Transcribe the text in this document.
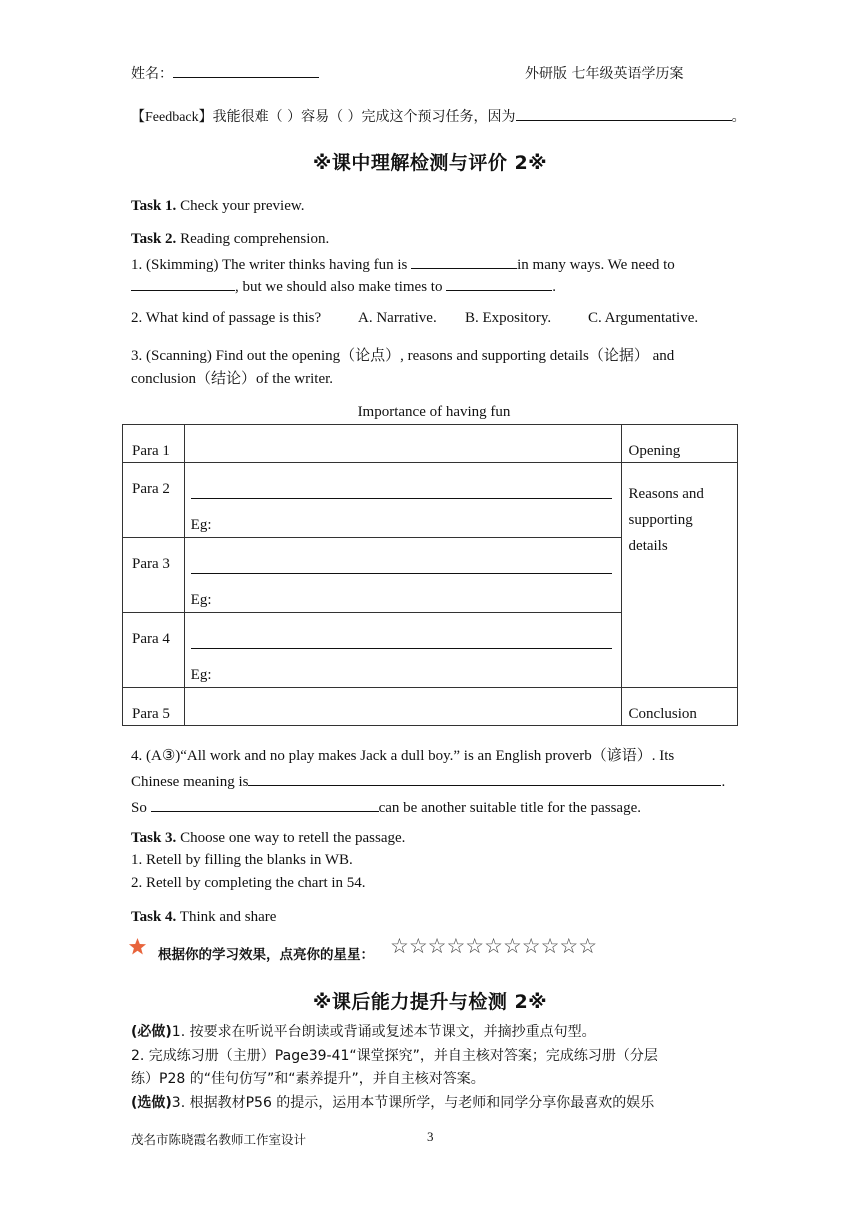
姓名：	外研版 七年级英语学历案
【Feedback】我能很难（ ）容易（ ）完成这个预习任务，因为	。
※课中理解检测与评价 2※
Task 1. Check your preview.
Task 2. Reading comprehension.
1. (Skimming) The writer thinks having fun is	in many ways. We need to
, but we should also make times to	.
2. What kind of passage is this? A. Narrative. B. Expository. C. Argumentative.
3. (Scanning) Find out the opening（论点）, reasons and supporting details（论据） and
conclusion（结论）of the writer.
Importance of having fun
Para 1		Opening

Para 2	Eg:	Reasons and
supporting
details

Para 3	Eg:	

Para 4	Eg:	

Para 5		Conclusion
4. (A③)“All work and no play makes Jack a dull boy.” is an English proverb（谚语）. Its
Chinese meaning is	.
So	can be another suitable title for the passage.
Task 3. Choose one way to retell the passage.
1. Retell by filling the blanks in WB.
2. Retell by completing the chart in 54.
Task 4. Think and share
根据你的学习效果，点亮你的星星： ☆☆☆☆☆☆☆☆☆☆☆
※课后能力提升与检测 2※
(必做)1. 按要求在听说平台朗读或背诵或复述本节课文，并摘抄重点句型。
2. 完成练习册（主册）Page39-41“课堂探究”，并自主核对答案；完成练习册（分层
练）P28 的“佳句仿写”和“素养提升”，并自主核对答案。
(选做)3. 根据教材P56 的提示，运用本节课所学，与老师和同学分享你最喜欢的娱乐
茂名市陈晓霞名教师工作室设计	3
